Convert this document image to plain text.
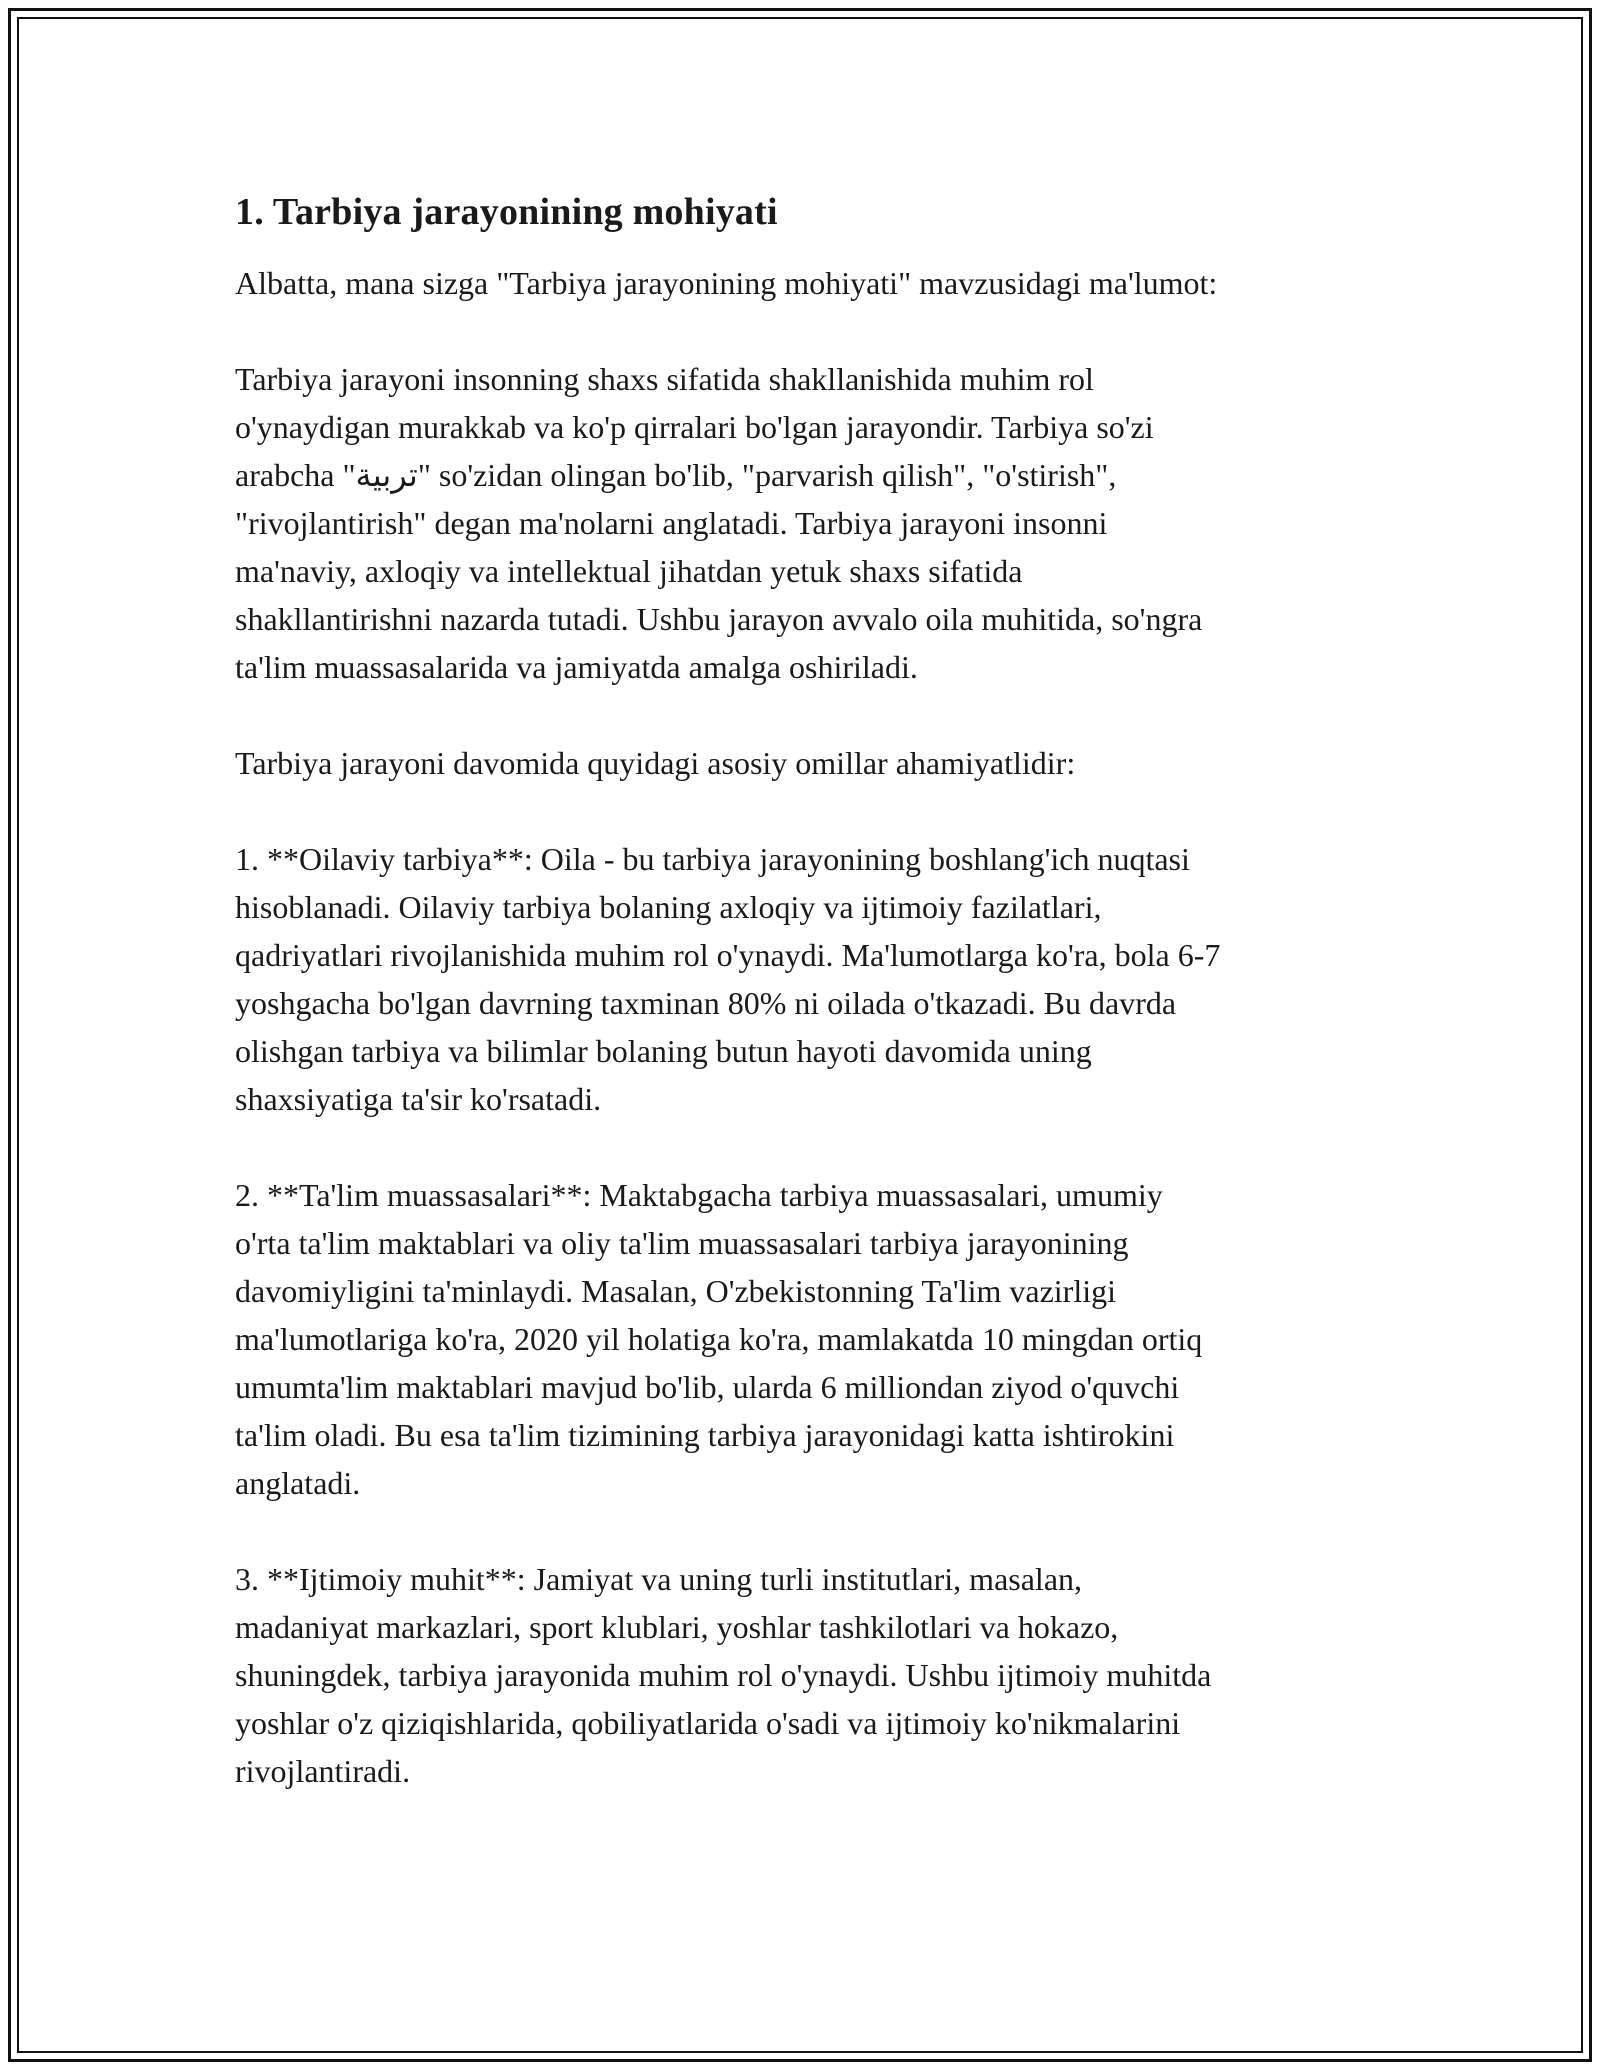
1. Tarbiya jarayonining mohiyati

Albatta, mana sizga "Tarbiya jarayonining mohiyati" mavzusidagi ma'lumot:

Tarbiya jarayoni insonning shaxs sifatida shakllanishida muhim rol
o'ynaydigan murakkab va ko'p qirralari bo'lgan jarayondir. Tarbiya so'zi
arabcha "تربية" so'zidan olingan bo'lib, "parvarish qilish", "o'stirish",
"rivojlantirish" degan ma'nolarni anglatadi. Tarbiya jarayoni insonni
ma'naviy, axloqiy va intellektual jihatdan yetuk shaxs sifatida
shakllantirishni nazarda tutadi. Ushbu jarayon avvalo oila muhitida, so'ngra
ta'lim muassasalarida va jamiyatda amalga oshiriladi.

Tarbiya jarayoni davomida quyidagi asosiy omillar ahamiyatlidir:

1. **Oilaviy tarbiya**: Oila - bu tarbiya jarayonining boshlang'ich nuqtasi
hisoblanadi. Oilaviy tarbiya bolaning axloqiy va ijtimoiy fazilatlari,
qadriyatlari rivojlanishida muhim rol o'ynaydi. Ma'lumotlarga ko'ra, bola 6-7
yoshgacha bo'lgan davrning taxminan 80% ni oilada o'tkazadi. Bu davrda
olishgan tarbiya va bilimlar bolaning butun hayoti davomida uning
shaxsiyatiga ta'sir ko'rsatadi.

2. **Ta'lim muassasalari**: Maktabgacha tarbiya muassasalari, umumiy
o'rta ta'lim maktablari va oliy ta'lim muassasalari tarbiya jarayonining
davomiyligini ta'minlaydi. Masalan, O'zbekistonning Ta'lim vazirligi
ma'lumotlariga ko'ra, 2020 yil holatiga ko'ra, mamlakatda 10 mingdan ortiq
umumta'lim maktablari mavjud bo'lib, ularda 6 milliondan ziyod o'quvchi
ta'lim oladi. Bu esa ta'lim tizimining tarbiya jarayonidagi katta ishtirokini
anglatadi.

3. **Ijtimoiy muhit**: Jamiyat va uning turli institutlari, masalan,
madaniyat markazlari, sport klublari, yoshlar tashkilotlari va hokazo,
shuningdek, tarbiya jarayonida muhim rol o'ynaydi. Ushbu ijtimoiy muhitda
yoshlar o'z qiziqishlarida, qobiliyatlarida o'sadi va ijtimoiy ko'nikmalarini
rivojlantiradi.
